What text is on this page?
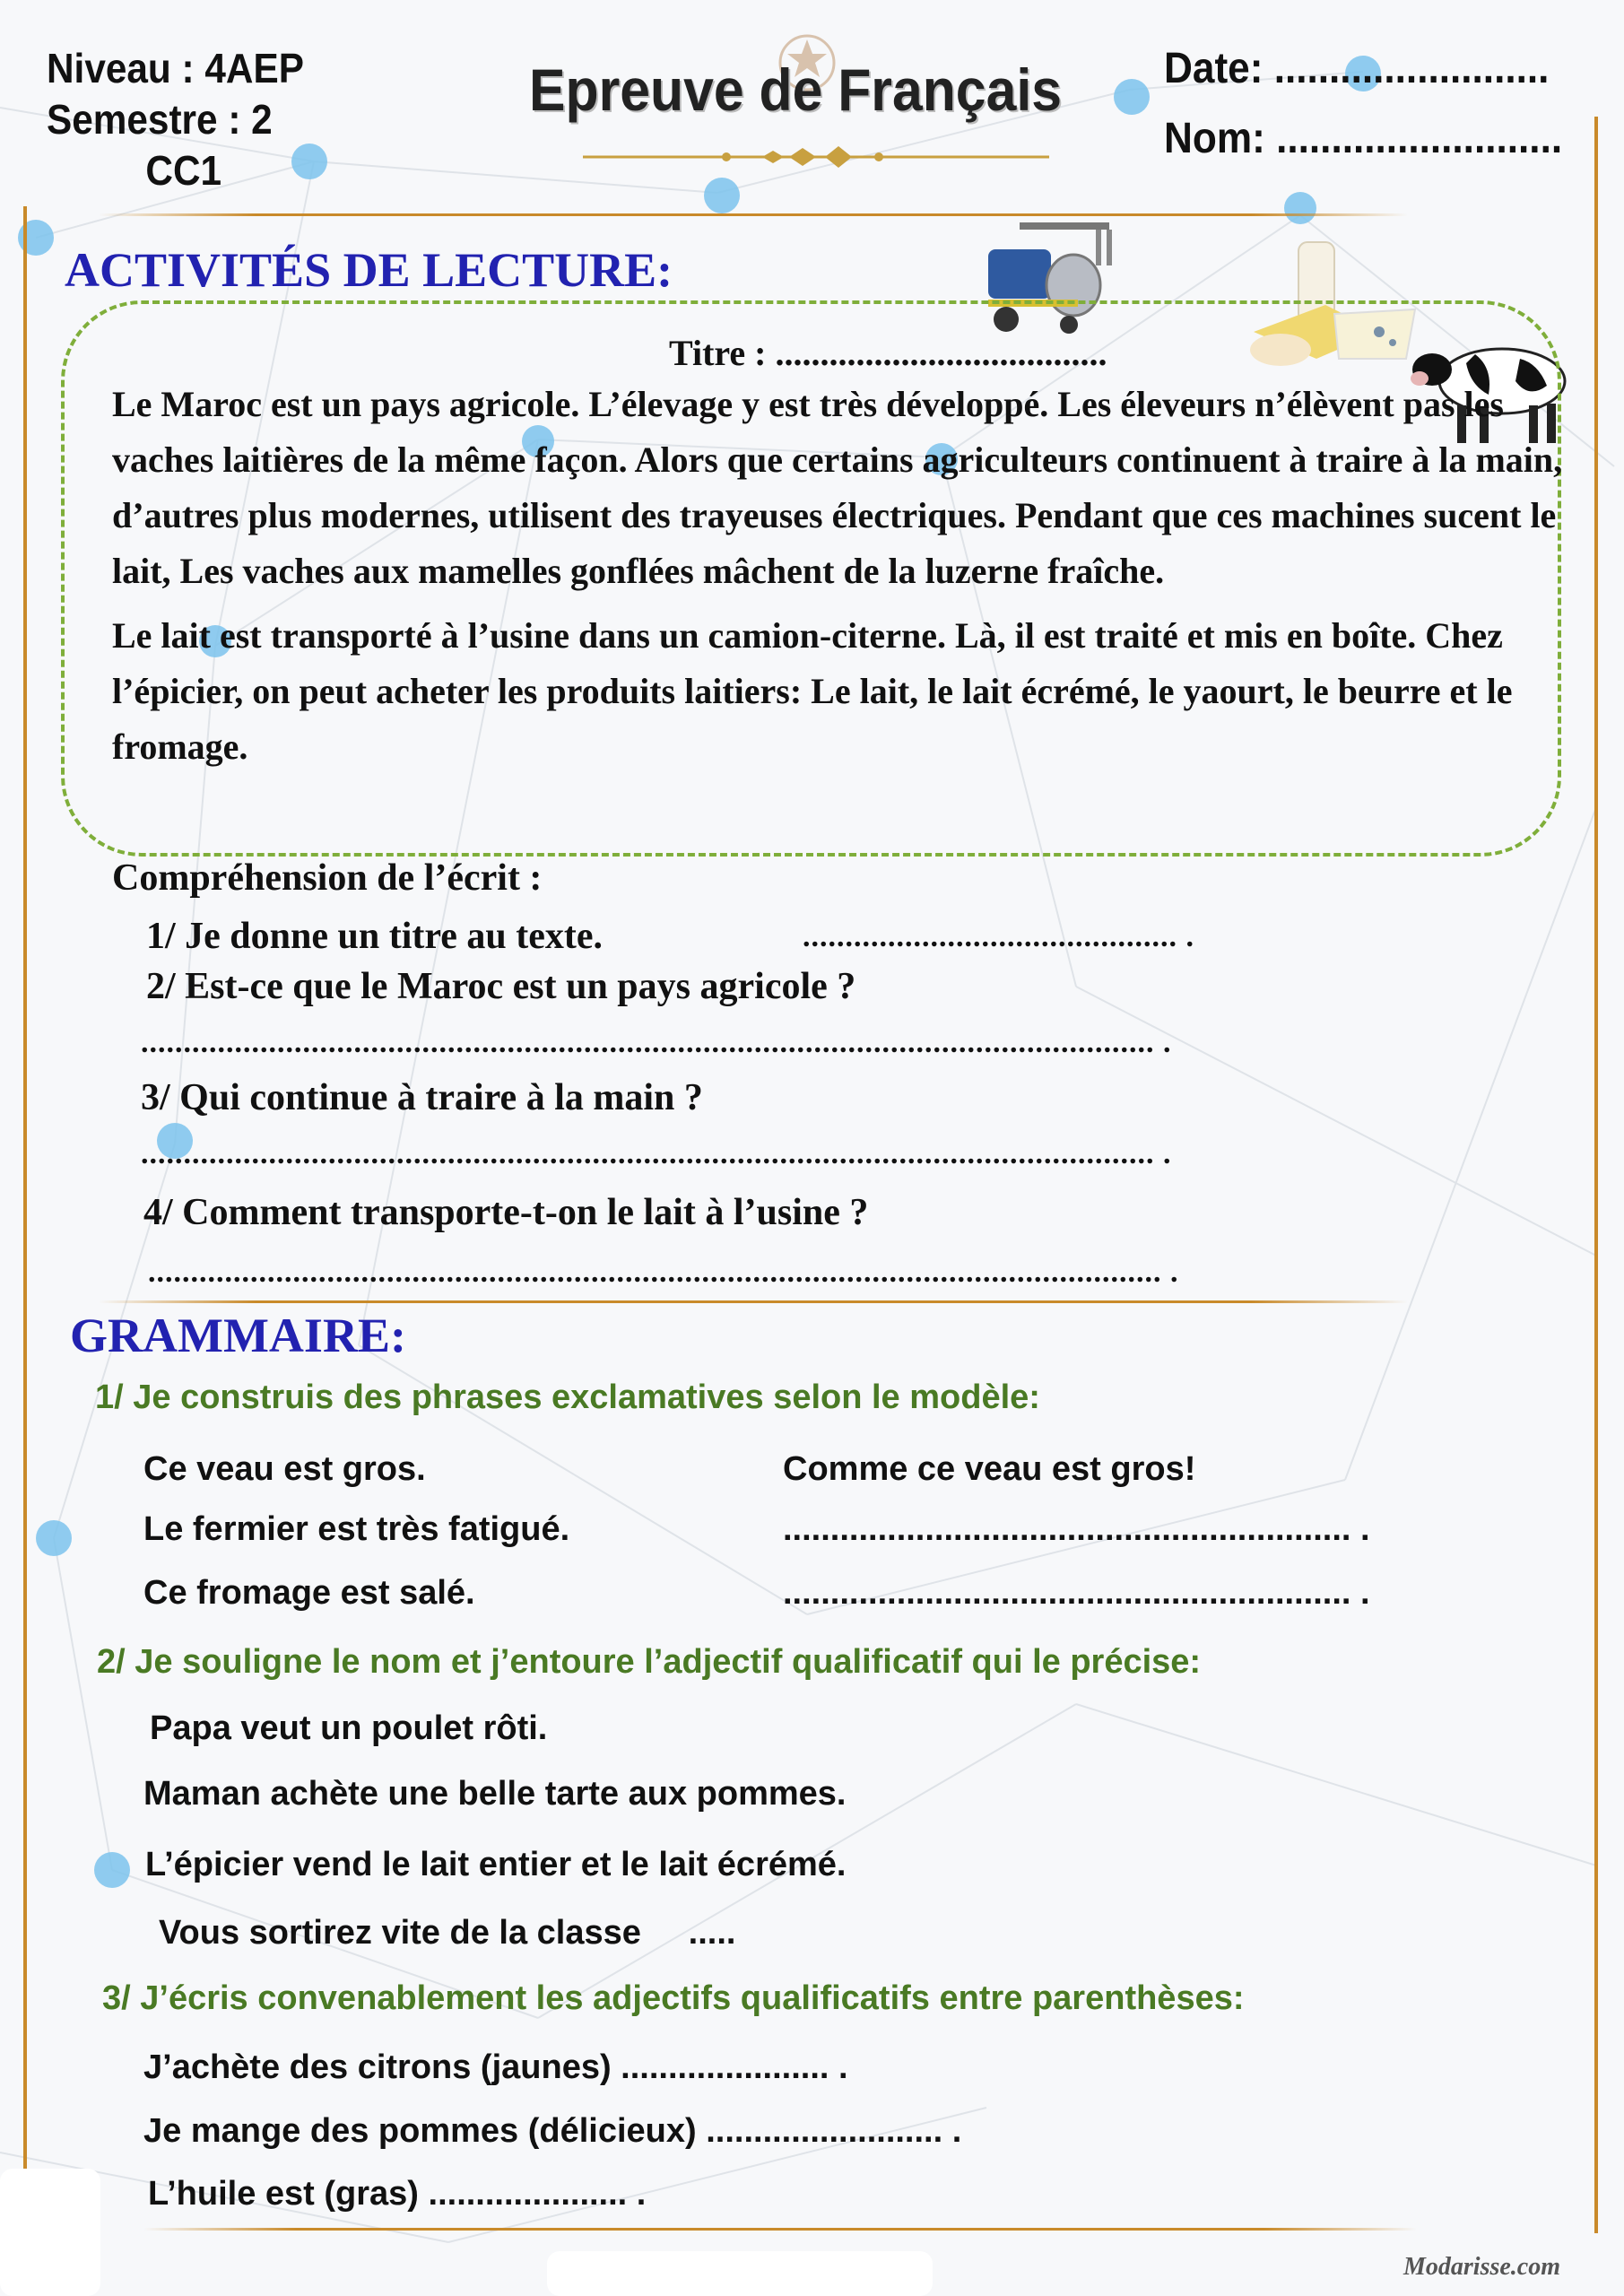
Niveau : 4AEP
Semestre : 2
CC1
Epreuve de Français Date: .........................
Nom: ..........................
ACTIVITÉS DE LECTURE:
Titre : .....................................

Le Maroc est un pays agricole. L’élevage y est très développé. Les éleveurs n’élèvent pas les vaches laitières de la même façon. Alors que certains agriculteurs continuent à traire à la main, d’autres plus modernes, utilisent des trayeuses électriques. Pendant que ces machines sucent le lait, Les vaches aux mamelles gonflées mâchent de la luzerne fraîche.

Le lait est transporté à l’usine dans un camion-citerne. Là, il est traité et mis en boîte. Chez l’épicier, on peut acheter les produits laitiers: Le lait, le lait écrémé, le yaourt, le beurre et le fromage.

Compréhension de l’écrit :
1/ Je donne un titre au texte.	............................................ .
2/ Est-ce que le Maroc est un pays agricole ?
....................................................................................................................... .
3/ Qui continue à traire à la main ?
....................................................................................................................... .
4/ Comment transporte-t-on le lait à l’usine ?
....................................................................................................................... .
GRAMMAIRE:
1/ Je construis des phrases exclamatives selon le modèle:
Ce veau est gros.	Comme ce veau est gros!
Le fermier est très fatigué.	............................................................ .
Ce fromage est salé.	............................................................ .
2/ Je souligne le nom et j’entoure l’adjectif qualificatif qui le précise:
Papa veut un poulet rôti.
Maman achète une belle tarte aux pommes.
L’épicier vend le lait entier et le lait écrémé.
Vous sortirez vite de la classe     .....
3/ J’écris convenablement les adjectifs qualificatifs entre parenthèses:
J’achète des citrons (jaunes) ...................... .
Je mange des pommes (délicieux) ......................... .
L’huile est (gras) ..................... .
Modarisse.com
